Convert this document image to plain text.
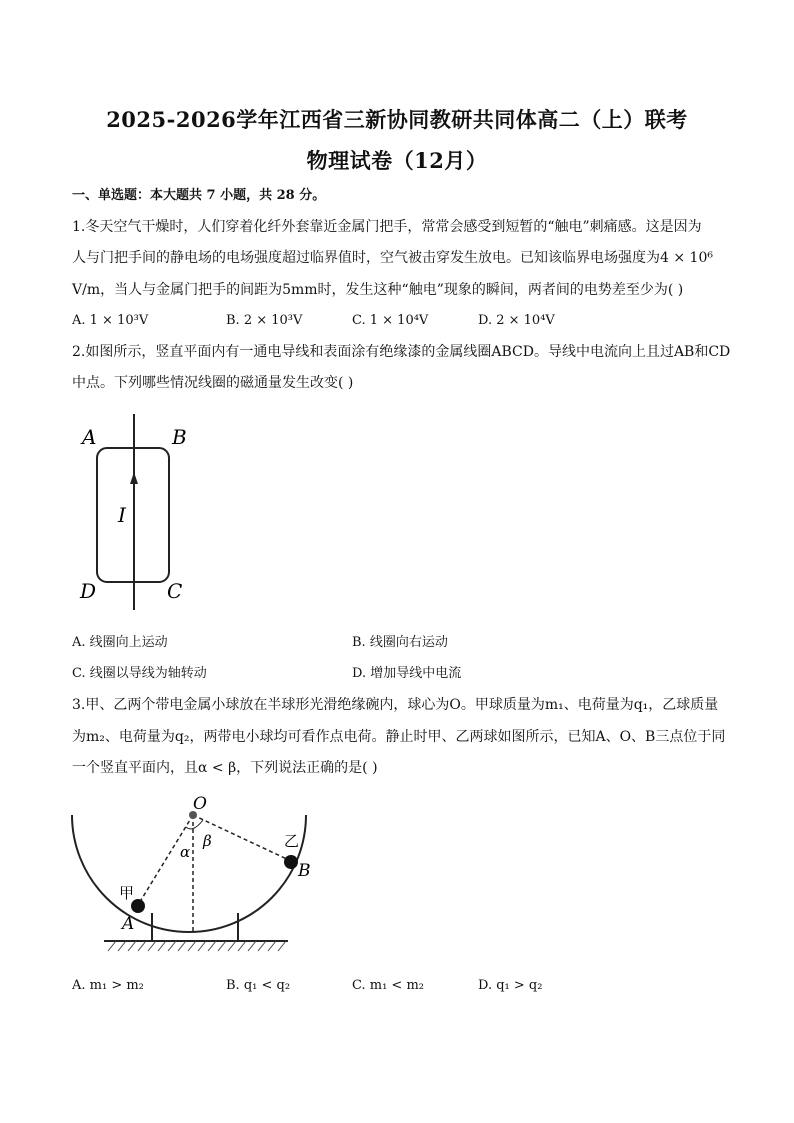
2025-2026学年江西省三新协同教研共同体高二（上）联考
物理试卷（12月）
一、单选题：本大题共 7 小题，共 28 分。
1.冬天空气干燥时，人们穿着化纤外套靠近金属门把手，常常会感受到短暂的“触电”刺痛感。这是因为
人与门把手间的静电场的电场强度超过临界值时，空气被击穿发生放电。已知该临界电场强度为4 × 10⁶
V/m，当人与金属门把手的间距为5mm时，发生这种“触电”现象的瞬间，两者间的电势差至少为( )
A. 1 × 10³V	B. 2 × 10³V	C. 1 × 10⁴V	D. 2 × 10⁴V
2.如图所示，竖直平面内有一通电导线和表面涂有绝缘漆的金属线圈ABCD。导线中电流向上且过AB和CD
中点。下列哪些情况线圈的磁通量发生改变( )
A	B
D	C
I
A. 线圈向上运动	B. 线圈向右运动
C. 线圈以导线为轴转动	D. 增加导线中电流
3.甲、乙两个带电金属小球放在半球形光滑绝缘碗内，球心为O。甲球质量为m₁、电荷量为q₁，乙球质量
为m₂、电荷量为q₂，两带电小球均可看作点电荷。静止时甲、乙两球如图所示，已知A、O、B三点位于同
一个竖直平面内，且α < β，下列说法正确的是( )
O
α
β
甲
乙
A
B
A. m₁ > m₂	B. q₁ < q₂	C. m₁ < m₂	D. q₁ > q₂
